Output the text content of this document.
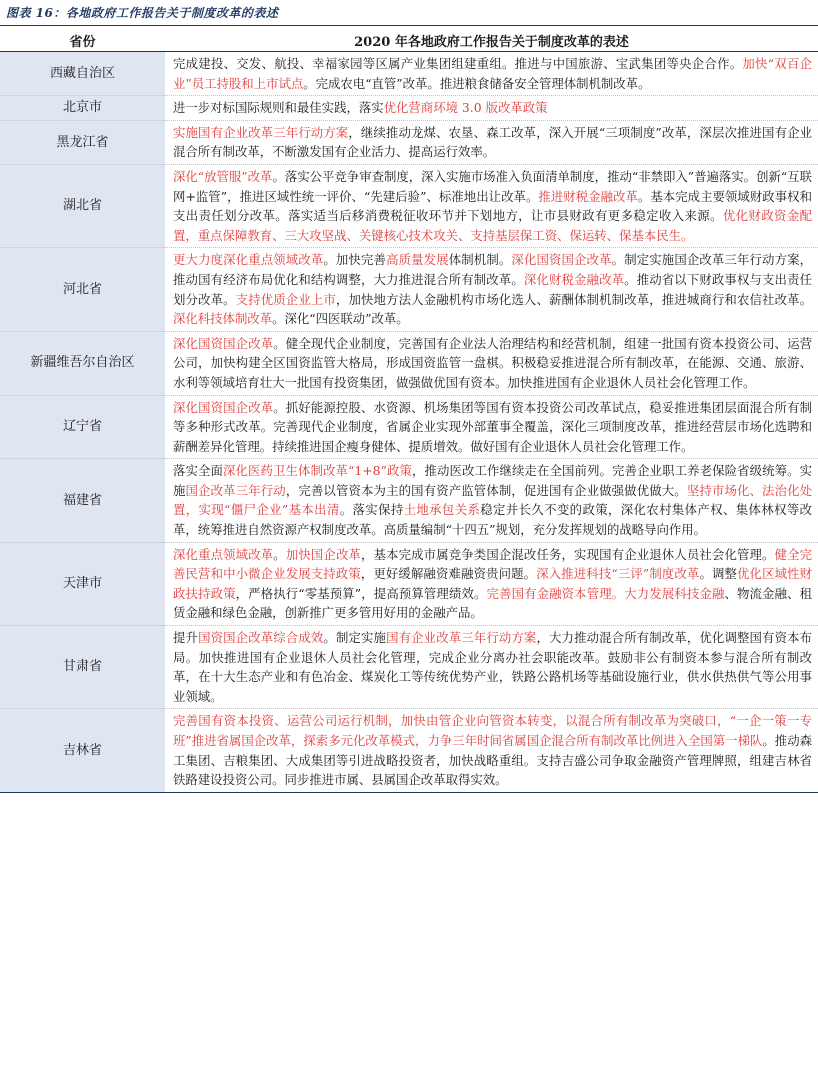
图表 16：各地政府工作报告关于制度改革的表述
省份	2020 年各地政府工作报告关于制度改革的表述
西藏自治区	完成建投、交发、航投、幸福家园等区属产业集团组建重组。推进与中国旅游、宝武集团等央企合作。加快“双百企业”员工持股和上市试点。完成农电“直管”改革。推进粮食储备安全管理体制机制改革。
北京市	进一步对标国际规则和最佳实践，落实优化营商环境 3.0 版改革政策
黑龙江省	实施国有企业改革三年行动方案，继续推动龙煤、农垦、森工改革，深入开展“三项制度”改革，深层次推进国有企业混合所有制改革，不断激发国有企业活力、提高运行效率。
湖北省	深化“放管服”改革。落实公平竞争审查制度，深入实施市场准入负面清单制度，推动“非禁即入”普遍落实。创新“互联网+监管”，推进区域性统一评价、“先建后验”、标准地出让改革。推进财税金融改革。基本完成主要领域财政事权和支出责任划分改革。落实适当后移消费税征收环节并下划地方，让市县财政有更多稳定收入来源。优化财政资金配置，重点保障教育、三大攻坚战、关键核心技术攻关、支持基层保工资、保运转、保基本民生。
河北省	更大力度深化重点领域改革。加快完善高质量发展体制机制。深化国资国企改革。制定实施国企改革三年行动方案，推动国有经济布局优化和结构调整，大力推进混合所有制改革。深化财税金融改革。推动省以下财政事权与支出责任划分改革。支持优质企业上市，加快地方法人金融机构市场化选人、薪酬体制机制改革，推进城商行和农信社改革。深化科技体制改革。深化“四医联动”改革。
新疆维吾尔自治区	深化国资国企改革。健全现代企业制度，完善国有企业法人治理结构和经营机制，组建一批国有资本投资公司、运营公司，加快构建全区国资监管大格局，形成国资监管一盘棋。积极稳妥推进混合所有制改革，在能源、交通、旅游、水利等领域培育壮大一批国有投资集团，做强做优国有资本。加快推进国有企业退休人员社会化管理工作。
辽宁省	深化国资国企改革。抓好能源控股、水资源、机场集团等国有资本投资公司改革试点，稳妥推进集团层面混合所有制等多种形式改革。完善现代企业制度，省属企业实现外部董事全覆盖，深化三项制度改革，推进经营层市场化选聘和薪酬差异化管理。持续推进国企瘦身健体、提质增效。做好国有企业退休人员社会化管理工作。
福建省	落实全面深化医药卫生体制改革“1+8”政策，推动医改工作继续走在全国前列。完善企业职工养老保险省级统筹。实施国企改革三年行动，完善以管资本为主的国有资产监管体制，促进国有企业做强做优做大。坚持市场化、法治化处置，实现“僵尸企业”基本出清。落实保持土地承包关系稳定并长久不变的政策，深化农村集体产权、集体林权等改革，统筹推进自然资源产权制度改革。高质量编制“十四五”规划，充分发挥规划的战略导向作用。
天津市	深化重点领域改革。加快国企改革，基本完成市属竞争类国企混改任务，实现国有企业退休人员社会化管理。健全完善民营和中小微企业发展支持政策，更好缓解融资难融资贵问题。深入推进科技“三评”制度改革。调整优化区域性财政扶持政策，严格执行“零基预算”，提高预算管理绩效。完善国有金融资本管理。大力发展科技金融、物流金融、租赁金融和绿色金融，创新推广更多管用好用的金融产品。
甘肃省	提升国资国企改革综合成效。制定实施国有企业改革三年行动方案，大力推动混合所有制改革，优化调整国有资本布局。加快推进国有企业退休人员社会化管理，完成企业分离办社会职能改革。鼓励非公有制资本参与混合所有制改革，在十大生态产业和有色冶金、煤炭化工等传统优势产业，铁路公路机场等基础设施行业，供水供热供气等公用事业领域。
吉林省	完善国有资本投资、运营公司运行机制，加快由管企业向管资本转变，以混合所有制改革为突破口，“一企一策一专班”推进省属国企改革，探索多元化改革模式，力争三年时间省属国企混合所有制改革比例进入全国第一梯队。推动森工集团、吉粮集团、大成集团等引进战略投资者，加快战略重组。支持吉盛公司争取金融资产管理牌照，组建吉林省铁路建设投资公司。同步推进市属、县属国企改革取得实效。
